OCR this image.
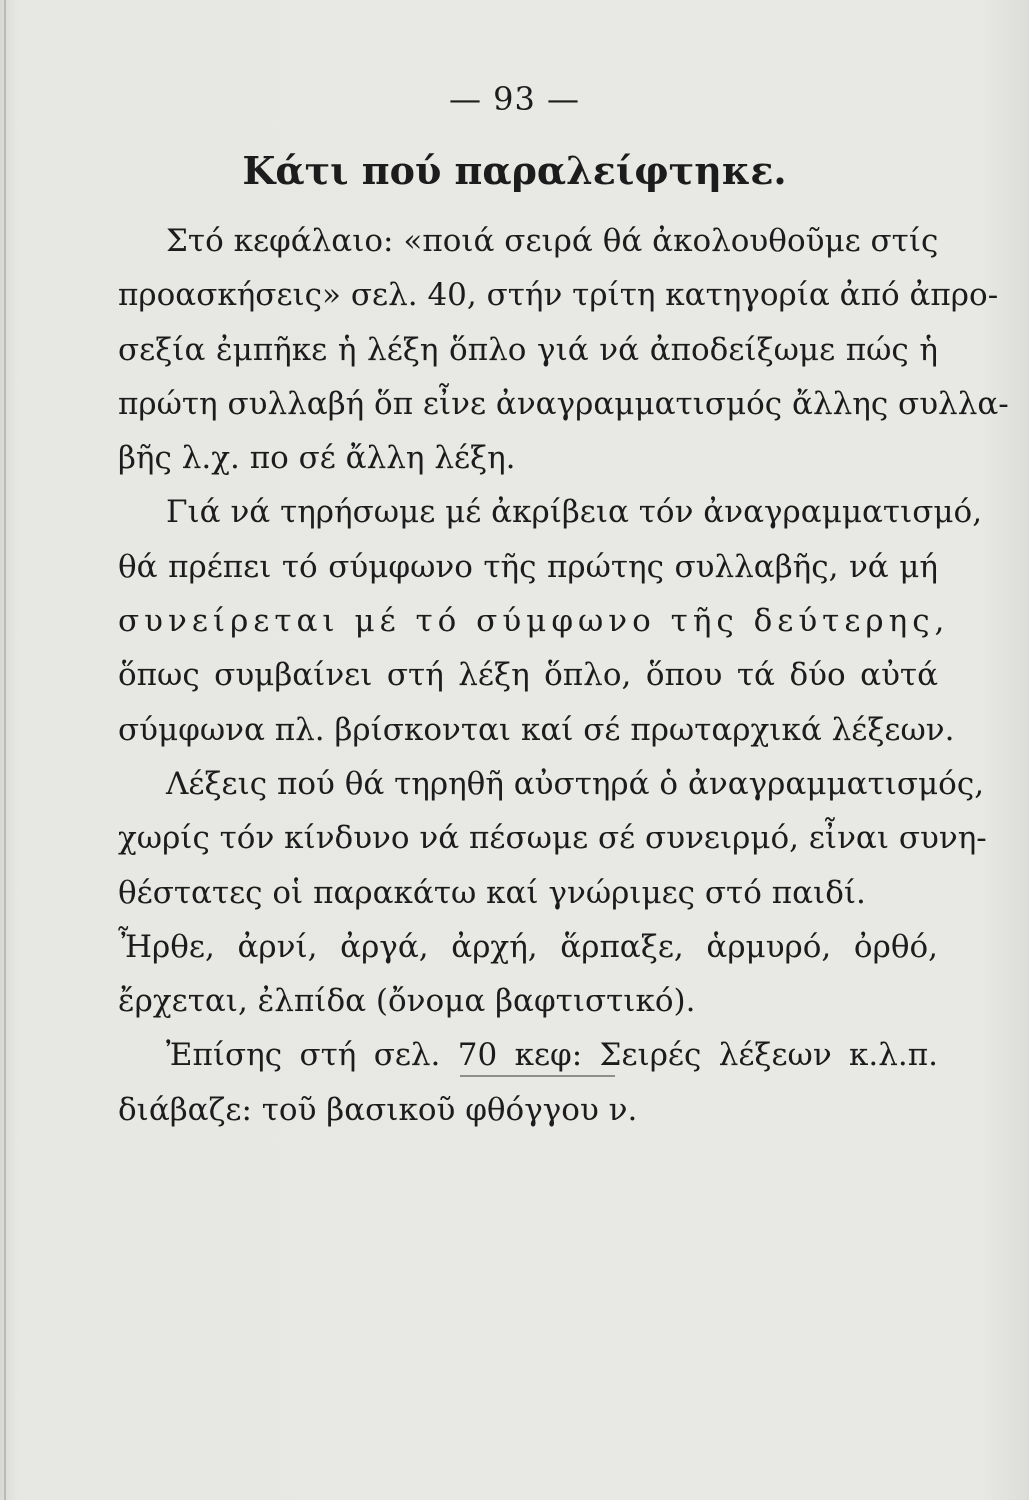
— 93 —
Κάτι πού παραλείφτηκε.
Στό κεφάλαιο: «ποιά σειρά θά ἀκολουθοῦμε στίς
προασκήσεις» σελ. 40, στήν τρίτη κατηγορία ἀπό ἀπρο-
σεξία ἐμπῆκε ἡ λέξη ὅπλο γιά νά ἀποδείξωμε πώς ἡ
πρώτη συλλαβή ὅπ εἶνε ἀναγραμματισμός ἄλλης συλλα-
βῆς λ.χ. πο σέ ἄλλη λέξη.
Γιά νά τηρήσωμε μέ ἀκρίβεια τόν ἀναγραμματισμό,
θά πρέπει τό σύμφωνο τῆς πρώτης συλλαβῆς, νά μή
συνείρεται μέ τό σύμφωνο τῆς δεύτερης,
ὅπως συμβαίνει στή λέξη ὅπλο, ὅπου τά δύο αὐτά
σύμφωνα πλ. βρίσκονται καί σέ πρωταρχικά λέξεων.
Λέξεις πού θά τηρηθῆ αὐστηρά ὁ ἀναγραμματισμός,
χωρίς τόν κίνδυνο νά πέσωμε σέ συνειρμό, εἶναι συνη-
θέστατες οἱ παρακάτω καί γνώριμες στό παιδί.
Ἦρθε, ἀρνί, ἀργά, ἀρχή, ἅρπαξε, ἁρμυρό, ὀρθό,
ἔρχεται, ἐλπίδα (ὄνομα βαφτιστικό).
Ἐπίσης στή σελ. 70 κεφ: Σειρές λέξεων κ.λ.π.
διάβαζε: τοῦ βασικοῦ φθόγγου ν.
